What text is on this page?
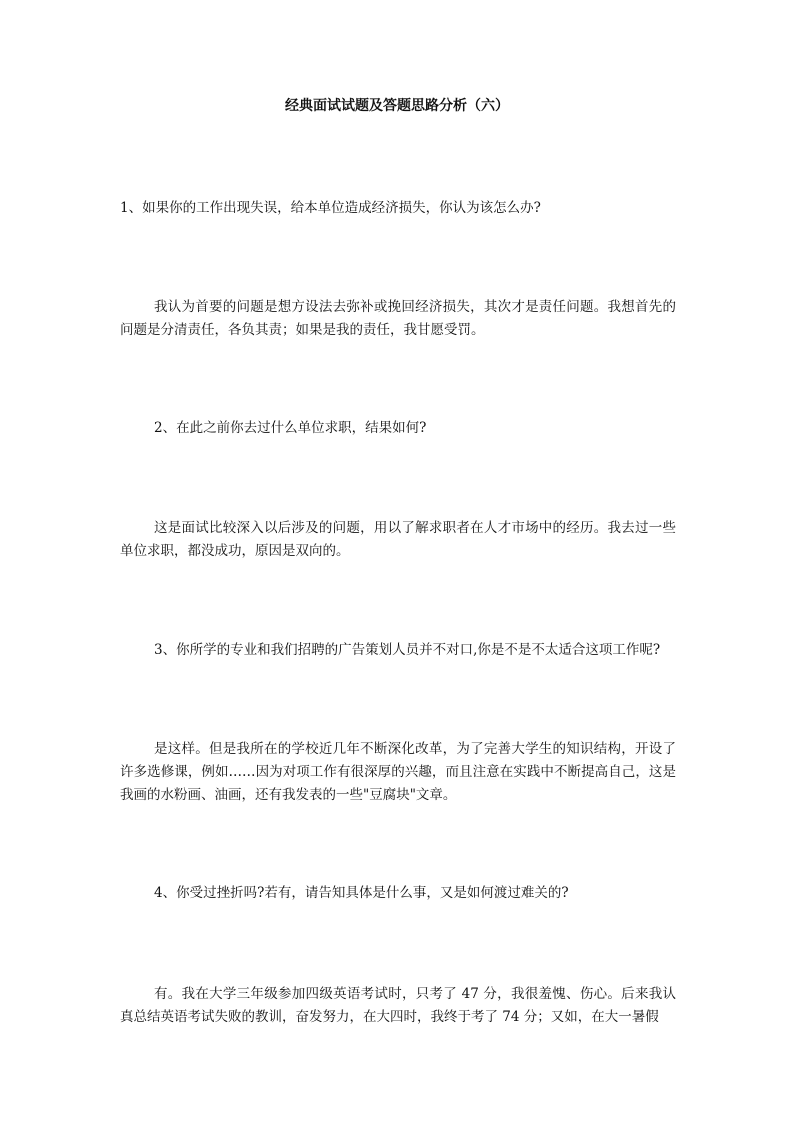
经典面试试题及答题思路分析（六）
1、如果你的工作出现失误，给本单位造成经济损失，你认为该怎么办?
我认为首要的问题是想方设法去弥补或挽回经济损失，其次才是责任问题。我想首先的问题是分清责任，各负其责；如果是我的责任，我甘愿受罚。
2、在此之前你去过什么单位求职，结果如何?
这是面试比较深入以后涉及的问题，用以了解求职者在人才市场中的经历。我去过一些单位求职，都没成功，原因是双向的。
3、你所学的专业和我们招聘的广告策划人员并不对口,你是不是不太适合这项工作呢?
是这样。但是我所在的学校近几年不断深化改革，为了完善大学生的知识结构，开设了许多选修课，例如……因为对项工作有很深厚的兴趣，而且注意在实践中不断提高自己，这是我画的水粉画、油画，还有我发表的一些"豆腐块"文章。
4、你受过挫折吗?若有，请告知具体是什么事，又是如何渡过难关的?
有。我在大学三年级参加四级英语考试时，只考了 47 分，我很羞愧、伤心。后来我认真总结英语考试失败的教训，奋发努力，在大四时，我终于考了 74 分；又如，在大一暑假
